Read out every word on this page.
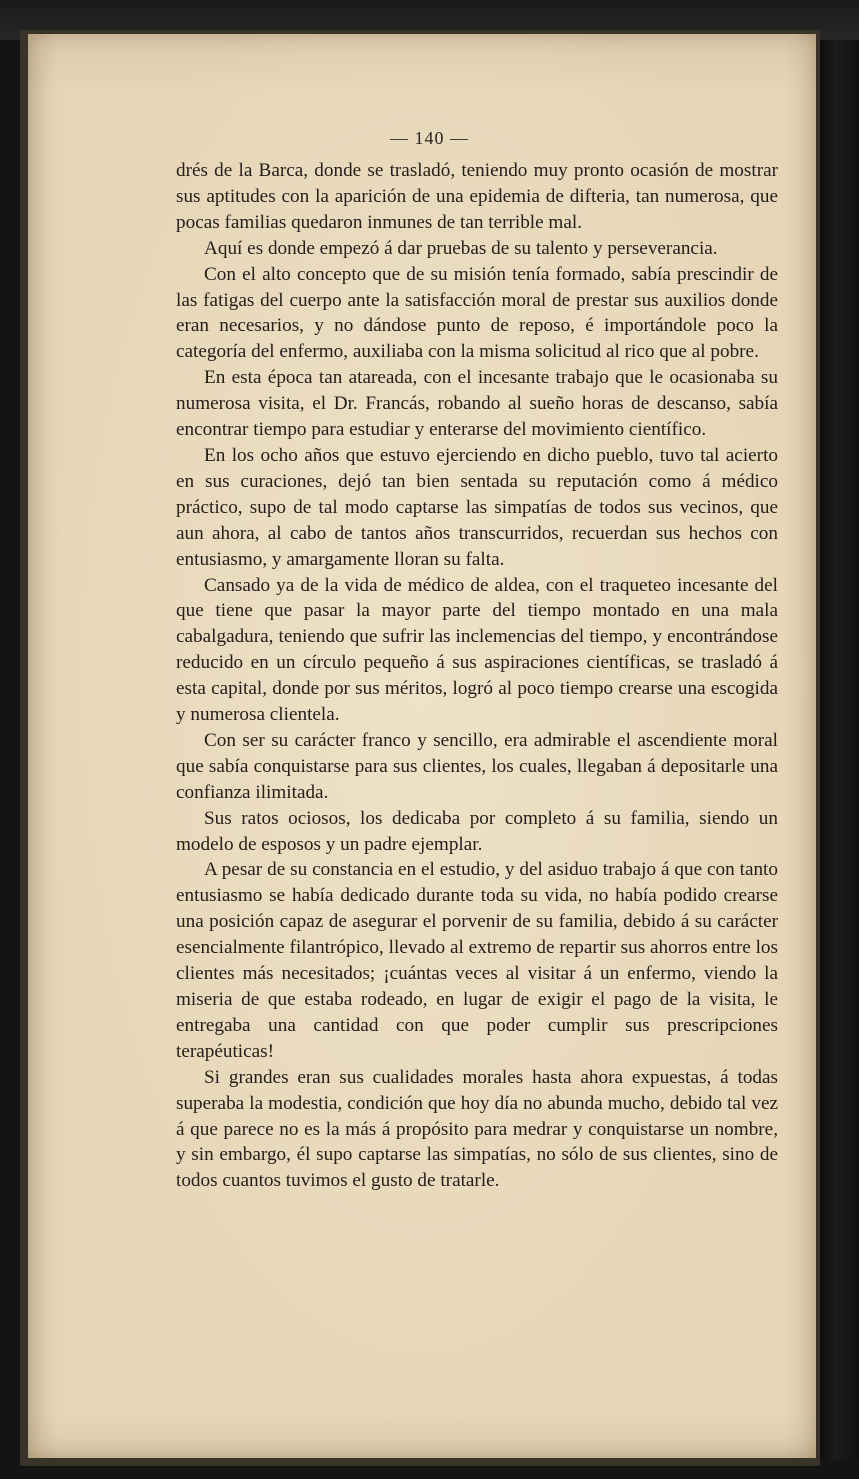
— 140 —

drés de la Barca, donde se trasladó, teniendo muy pronto ocasión de mostrar sus aptitudes con la aparición de una epidemia de difteria, tan numerosa, que pocas familias quedaron inmunes de tan terrible mal.

Aquí es donde empezó á dar pruebas de su talento y perseverancia.

Con el alto concepto que de su misión tenía formado, sabía prescindir de las fatigas del cuerpo ante la satisfacción moral de prestar sus auxilios donde eran necesarios, y no dándose punto de reposo, é importándole poco la categoría del enfermo, auxiliaba con la misma solicitud al rico que al pobre.

En esta época tan atareada, con el incesante trabajo que le ocasionaba su numerosa visita, el Dr. Francás, robando al sueño horas de descanso, sabía encontrar tiempo para estudiar y enterarse del movimiento científico.

En los ocho años que estuvo ejerciendo en dicho pueblo, tuvo tal acierto en sus curaciones, dejó tan bien sentada su reputación como á médico práctico, supo de tal modo captarse las simpatías de todos sus vecinos, que aun ahora, al cabo de tantos años transcurridos, recuerdan sus hechos con entusiasmo, y amargamente lloran su falta.

Cansado ya de la vida de médico de aldea, con el traqueteo incesante del que tiene que pasar la mayor parte del tiempo montado en una mala cabalgadura, teniendo que sufrir las inclemencias del tiempo, y encontrándose reducido en un círculo pequeño á sus aspiraciones científicas, se trasladó á esta capital, donde por sus méritos, logró al poco tiempo crearse una escogida y numerosa clientela.

Con ser su carácter franco y sencillo, era admirable el ascendiente moral que sabía conquistarse para sus clientes, los cuales, llegaban á depositarle una confianza ilimitada.

Sus ratos ociosos, los dedicaba por completo á su familia, siendo un modelo de esposos y un padre ejemplar.

A pesar de su constancia en el estudio, y del asiduo trabajo á que con tanto entusiasmo se había dedicado durante toda su vida, no había podido crearse una posición capaz de asegurar el porvenir de su familia, debido á su carácter esencialmente filantrópico, llevado al extremo de repartir sus ahorros entre los clientes más necesitados; ¡cuántas veces al visitar á un enfermo, viendo la miseria de que estaba rodeado, en lugar de exigir el pago de la visita, le entregaba una cantidad con que poder cumplir sus prescripciones terapéuticas!

Si grandes eran sus cualidades morales hasta ahora expuestas, á todas superaba la modestia, condición que hoy día no abunda mucho, debido tal vez á que parece no es la más á propósito para medrar y conquistarse un nombre, y sin embargo, él supo captarse las simpatías, no sólo de sus clientes, sino de todos cuantos tuvimos el gusto de tratarle.
